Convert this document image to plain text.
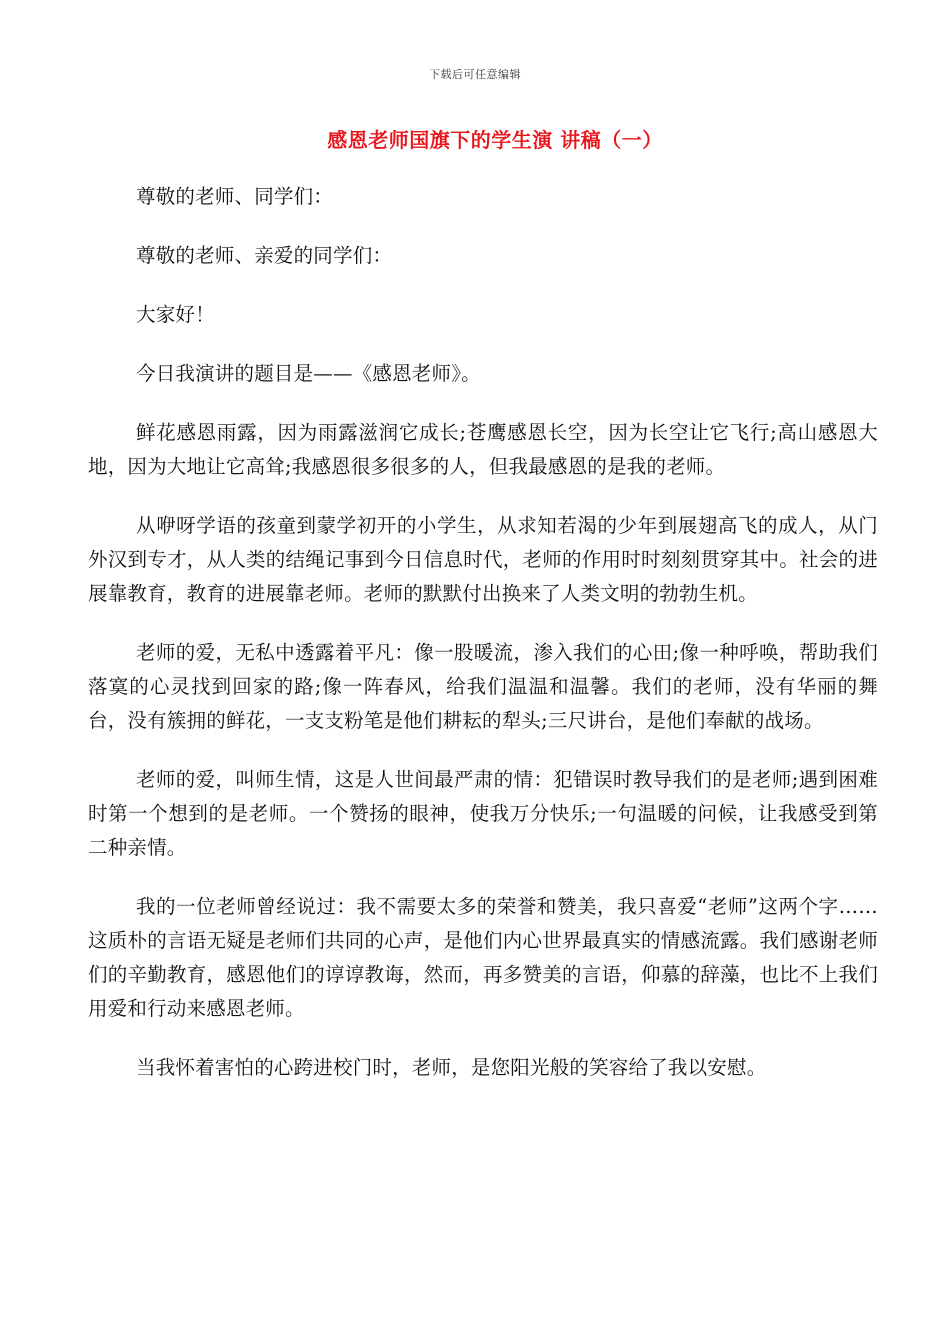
下载后可任意编辑
感恩老师国旗下的学生演 讲稿（一）

尊敬的老师、同学们：

尊敬的老师、亲爱的同学们：

大家好！

今日我演讲的题目是——《感恩老师》。

鲜花感恩雨露，因为雨露滋润它成长;苍鹰感恩长空，因为长空让它飞行;高山感恩大地，因为大地让它高耸;我感恩很多很多的人，但我最感恩的是我的老师。

从咿呀学语的孩童到蒙学初开的小学生，从求知若渴的少年到展翅高飞的成人，从门外汉到专才，从人类的结绳记事到今日信息时代，老师的作用时时刻刻贯穿其中。社会的进展靠教育，教育的进展靠老师。老师的默默付出换来了人类文明的勃勃生机。

老师的爱，无私中透露着平凡：像一股暖流，渗入我们的心田;像一种呼唤，帮助我们落寞的心灵找到回家的路;像一阵春风，给我们温温和温馨。我们的老师，没有华丽的舞台，没有簇拥的鲜花，一支支粉笔是他们耕耘的犁头;三尺讲台，是他们奉献的战场。

老师的爱，叫师生情，这是人世间最严肃的情：犯错误时教导我们的是老师;遇到困难时第一个想到的是老师。一个赞扬的眼神，使我万分快乐;一句温暖的问候，让我感受到第二种亲情。

我的一位老师曾经说过：我不需要太多的荣誉和赞美，我只喜爱“老师”这两个字……这质朴的言语无疑是老师们共同的心声，是他们内心世界最真实的情感流露。我们感谢老师们的辛勤教育，感恩他们的谆谆教诲，然而，再多赞美的言语，仰慕的辞藻，也比不上我们用爱和行动来感恩老师。

当我怀着害怕的心跨进校门时，老师，是您阳光般的笑容给了我以安慰。
